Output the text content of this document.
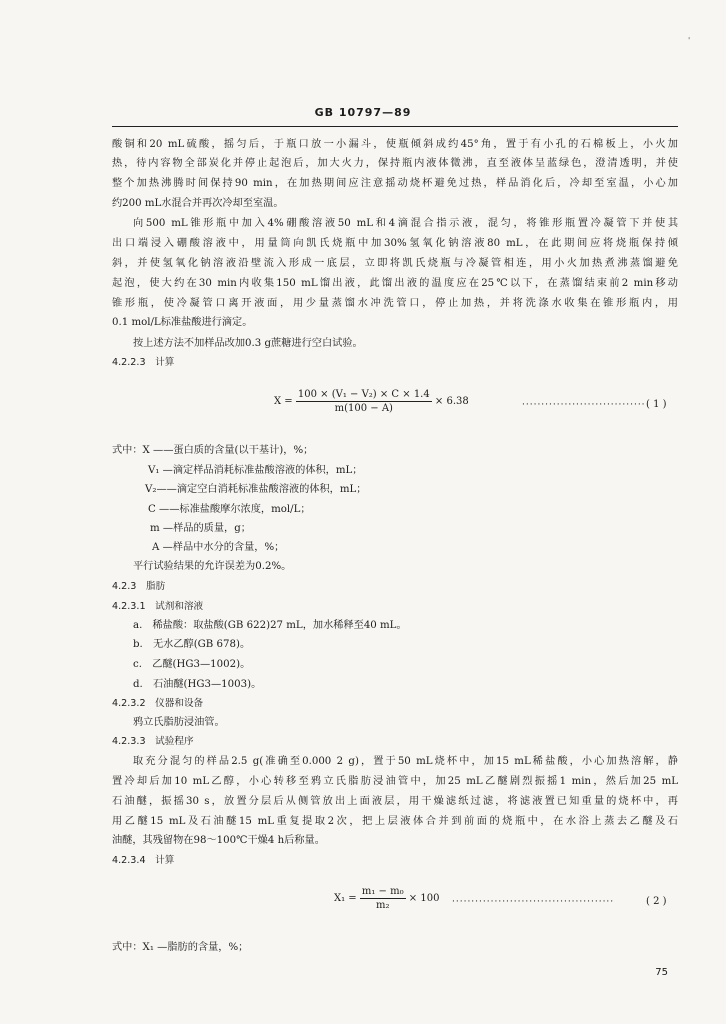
'
GB 10797—89
酸铜和20 mL硫酸，摇匀后，于瓶口放一小漏斗，使瓶倾斜成约45°角，置于有小孔的石棉板上，小火加
热，待内容物全部炭化并停止起泡后，加大火力，保持瓶内液体微沸，直至液体呈蓝绿色，澄清透明，并使
整个加热沸腾时间保持90 min，在加热期间应注意摇动烧杯避免过热，样品消化后，冷却至室温，小心加
约200 mL水混合并再次冷却至室温。
向500 mL锥形瓶中加入4%硼酸溶液50 mL和4滴混合指示液，混匀，将锥形瓶置冷凝管下并使其
出口端浸入硼酸溶液中，用量筒向凯氏烧瓶中加30%氢氧化钠溶液80 mL，在此期间应将烧瓶保持倾
斜，并使氢氧化钠溶液沿壁流入形成一底层，立即将凯氏烧瓶与冷凝管相连，用小火加热煮沸蒸馏避免
起泡，使大约在30 min内收集150 mL馏出液，此馏出液的温度应在25℃以下，在蒸馏结束前2 min移动
锥形瓶，使冷凝管口离开液面，用少量蒸馏水冲洗管口，停止加热，并将洗涤水收集在锥形瓶内，用
0.1 mol/L标准盐酸进行滴定。
按上述方法不加样品改加0.3 g蔗糖进行空白试验。
4.2.2.3　计算
$X = \frac{\text{100 × (V₁ − V₂) × C × 1.4}}{m(100 - A)} \times 6.38$	································ ( 1 )
式中：X ——蛋白质的含量(以干基计)，%；
V₁ —滴定样品消耗标准盐酸溶液的体积，mL；
V₂——滴定空白消耗标准盐酸溶液的体积，mL；
C ——标准盐酸摩尔浓度，mol/L；
m —样品的质量，g；
A —样品中水分的含量，%；
平行试验结果的允许误差为0.2%。
4.2.3　脂肪
4.2.3.1　试剂和溶液
a.　稀盐酸：取盐酸(GB 622)27 mL，加水稀释至40 mL。
b.　无水乙醇(GB 678)。
c.　乙醚(HG3—1002)。
d.　石油醚(HG3—1003)。
4.2.3.2　仪器和设备
鸦立氏脂肪浸油管。
4.2.3.3　试验程序
取充分混匀的样品2.5 g(准确至0.000 2 g)，置于50 mL烧杯中，加15 mL稀盐酸，小心加热溶解，静
置冷却后加10 mL乙醇，小心转移至鸦立氏脂肪浸油管中，加25 mL乙醚剧烈振摇1 min，然后加25 mL
石油醚，振摇30 s，放置分层后从侧管放出上面液层，用干燥滤纸过滤，将滤液置已知重量的烧杯中，再
用乙醚15 mL及石油醚15 mL重复提取2次，把上层液体合并到前面的烧瓶中，在水浴上蒸去乙醚及石
油醚，其残留物在98～100℃干燥4 h后称量。
4.2.3.4　计算
$X_1 = \frac{\text{m₁ − m₀}}{\text{m₂}} \times 100$ ··········································	( 2 )
式中：X₁ —脂肪的含量，%；
75
